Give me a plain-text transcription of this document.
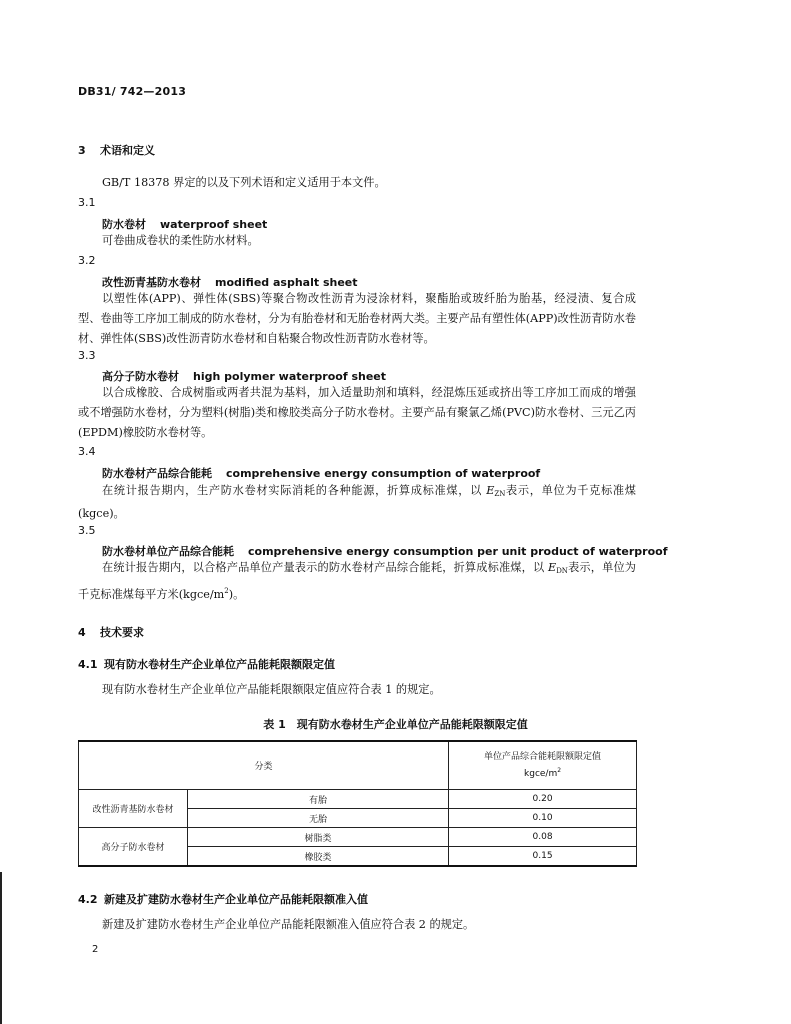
DB31/ 742—2013
3 术语和定义
GB/T 18378 界定的以及下列术语和定义适用于本文件。
3.1
防水卷材 waterproof sheet
可卷曲成卷状的柔性防水材料。
3.2
改性沥青基防水卷材 modified asphalt sheet
以塑性体(APP)、弹性体(SBS)等聚合物改性沥青为浸涂材料，聚酯胎或玻纤胎为胎基，经浸渍、复合成型、卷曲等工序加工制成的防水卷材，分为有胎卷材和无胎卷材两大类。主要产品有塑性体(APP)改性沥青防水卷材、弹性体(SBS)改性沥青防水卷材和自粘聚合物改性沥青防水卷材等。
3.3
高分子防水卷材 high polymer waterproof sheet
以合成橡胶、合成树脂或两者共混为基料，加入适量助剂和填料，经混炼压延或挤出等工序加工而成的增强或不增强防水卷材，分为塑料(树脂)类和橡胶类高分子防水卷材。主要产品有聚氯乙烯(PVC)防水卷材、三元乙丙(EPDM)橡胶防水卷材等。
3.4
防水卷材产品综合能耗 comprehensive energy consumption of waterproof
在统计报告期内，生产防水卷材实际消耗的各种能源，折算成标准煤，以 EZN表示，单位为千克标准煤 (kgce)。
3.5
防水卷材单位产品综合能耗 comprehensive energy consumption per unit product of waterproof
在统计报告期内，以合格产品单位产量表示的防水卷材产品综合能耗，折算成标准煤，以 EDN表示，单位为千克标准煤每平方米$(kgce/m^2)$。
4 技术要求
4.1 现有防水卷材生产企业单位产品能耗限额限定值
现有防水卷材生产企业单位产品能耗限额限定值应符合表 1 的规定。
表 1　现有防水卷材生产企业单位产品能耗限额限定值
分类		单位产品综合能耗限额限定值
kgce/$m^2$

改性沥青基防水卷材	有胎	0.20
	无胎	0.10
高分子防水卷材	树脂类	0.08
	橡胶类	0.15
4.2 新建及扩建防水卷材生产企业单位产品能耗限额准入值
新建及扩建防水卷材生产企业单位产品能耗限额准入值应符合表 2 的规定。
2
